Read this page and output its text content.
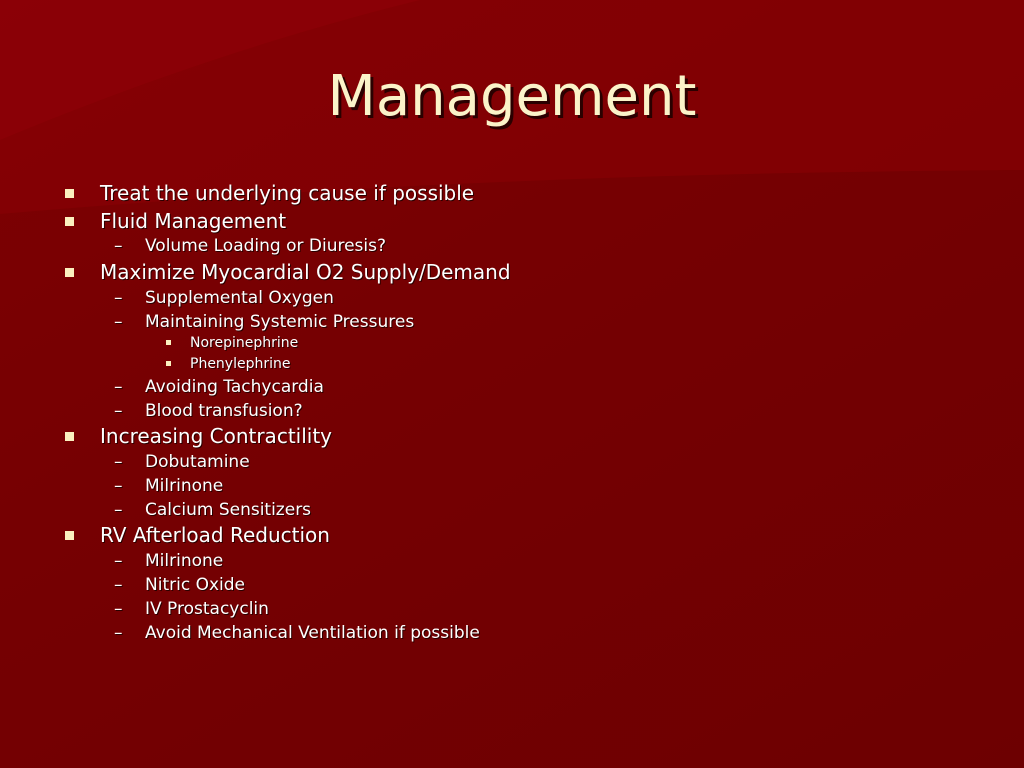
Management
Treat the underlying cause if possible
Fluid Management
– Volume Loading or Diuresis?
Maximize Myocardial O2 Supply/Demand
– Supplemental Oxygen
– Maintaining Systemic Pressures
Norepinephrine
Phenylephrine
– Avoiding Tachycardia
– Blood transfusion?
Increasing Contractility
– Dobutamine
– Milrinone
– Calcium Sensitizers
RV Afterload Reduction
– Milrinone
– Nitric Oxide
– IV Prostacyclin
– Avoid Mechanical Ventilation if possible
